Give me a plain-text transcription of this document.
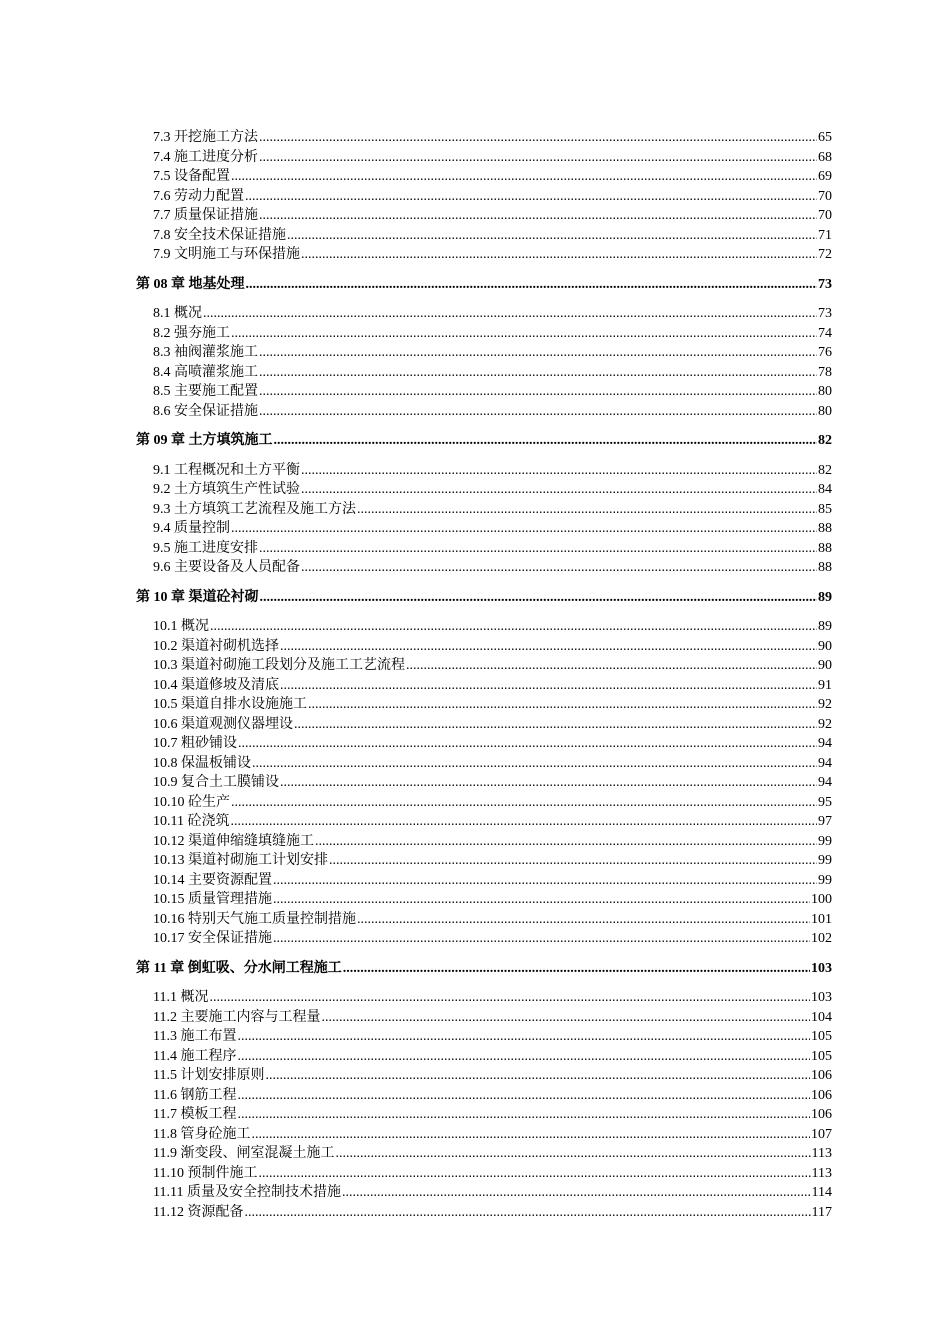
7.3 开挖施工方法 .....	65
7.4 施工进度分析 .....	68
7.5 设备配置 .....	69
7.6 劳动力配置 .....	70
7.7 质量保证措施 .....	70
7.8 安全技术保证措施 .....	71
7.9 文明施工与环保措施 .....	72
第 08 章 地基处理 .....	73
8.1 概况 .....	73
8.2 强夯施工 .....	74
8.3 袖阀灌浆施工 .....	76
8.4 高喷灌浆施工 .....	78
8.5 主要施工配置 .....	80
8.6 安全保证措施 .....	80
第 09 章 土方填筑施工 .....	82
9.1 工程概况和土方平衡 .....	82
9.2 土方填筑生产性试验 .....	84
9.3 土方填筑工艺流程及施工方法 .....	85
9.4 质量控制 .....	88
9.5 施工进度安排 .....	88
9.6 主要设备及人员配备 .....	88
第 10 章 渠道砼衬砌 .....	89
10.1 概况 .....	89
10.2 渠道衬砌机选择 .....	90
10.3 渠道衬砌施工段划分及施工工艺流程 .....	90
10.4 渠道修坡及清底 .....	91
10.5 渠道自排水设施施工 .....	92
10.6 渠道观测仪器埋设 .....	92
10.7 粗砂铺设 .....	94
10.8 保温板铺设 .....	94
10.9 复合土工膜铺设 .....	94
10.10 砼生产 .....	95
10.11 砼浇筑 .....	97
10.12 渠道伸缩缝填缝施工 .....	99
10.13 渠道衬砌施工计划安排 .....	99
10.14 主要资源配置 .....	99
10.15 质量管理措施 .....	100
10.16 特别天气施工质量控制措施 .....	101
10.17 安全保证措施 .....	102
第 11 章 倒虹吸、分水闸工程施工 .....	103
11.1 概况 .....	103
11.2 主要施工内容与工程量 .....	104
11.3 施工布置 .....	105
11.4 施工程序 .....	105
11.5 计划安排原则 .....	106
11.6 钢筋工程 .....	106
11.7 模板工程 .....	106
11.8 管身砼施工 .....	107
11.9 渐变段、闸室混凝土施工 .....	113
11.10 预制件施工 .....	113
11.11 质量及安全控制技术措施 .....	114
11.12 资源配备 .....	117
